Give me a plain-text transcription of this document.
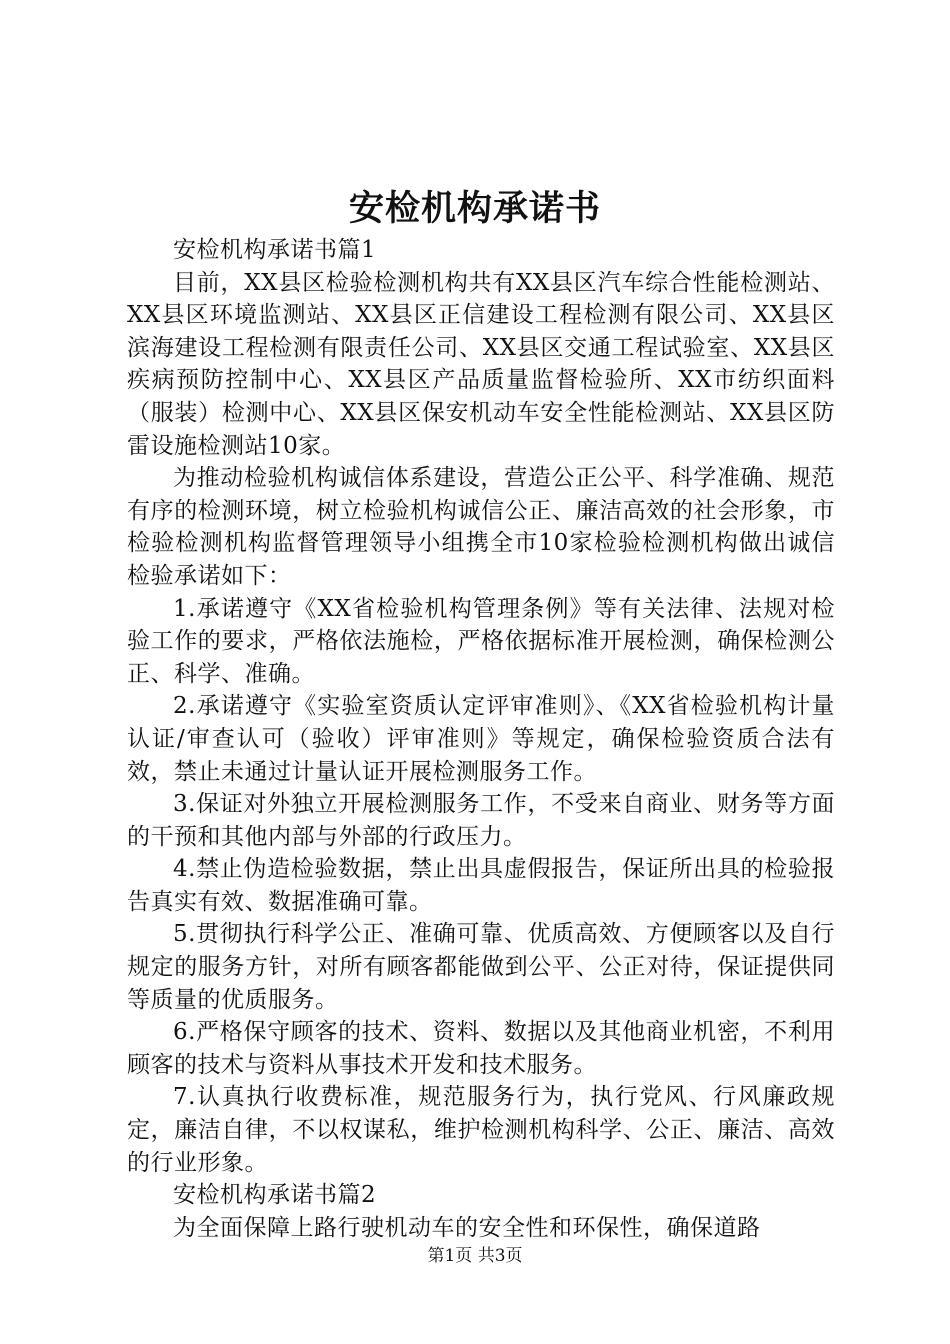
安检机构承诺书

安检机构承诺书篇1

目前，XX县区检验检测机构共有XX县区汽车综合性能检测站、XX县区环境监测站、XX县区正信建设工程检测有限公司、XX县区滨海建设工程检测有限责任公司、XX县区交通工程试验室、XX县区疾病预防控制中心、XX县区产品质量监督检验所、XX市纺织面料（服装）检测中心、XX县区保安机动车安全性能检测站、XX县区防雷设施检测站10家。

为推动检验机构诚信体系建设，营造公正公平、科学准确、规范有序的检测环境，树立检验机构诚信公正、廉洁高效的社会形象，市检验检测机构监督管理领导小组携全市10家检验检测机构做出诚信检验承诺如下：

1.承诺遵守《XX省检验机构管理条例》等有关法律、法规对检验工作的要求，严格依法施检，严格依据标准开展检测，确保检测公正、科学、准确。

2.承诺遵守《实验室资质认定评审准则》、《XX省检验机构计量认证/审查认可（验收）评审准则》等规定，确保检验资质合法有效，禁止未通过计量认证开展检测服务工作。

3.保证对外独立开展检测服务工作，不受来自商业、财务等方面的干预和其他内部与外部的行政压力。

4.禁止伪造检验数据，禁止出具虚假报告，保证所出具的检验报告真实有效、数据准确可靠。

5.贯彻执行科学公正、准确可靠、优质高效、方便顾客以及自行规定的服务方针，对所有顾客都能做到公平、公正对待，保证提供同等质量的优质服务。

6.严格保守顾客的技术、资料、数据以及其他商业机密，不利用顾客的技术与资料从事技术开发和技术服务。

7.认真执行收费标准，规范服务行为，执行党风、行风廉政规定，廉洁自律，不以权谋私，维护检测机构科学、公正、廉洁、高效的行业形象。

安检机构承诺书篇2

为全面保障上路行驶机动车的安全性和环保性，确保道路

第1页 共3页
